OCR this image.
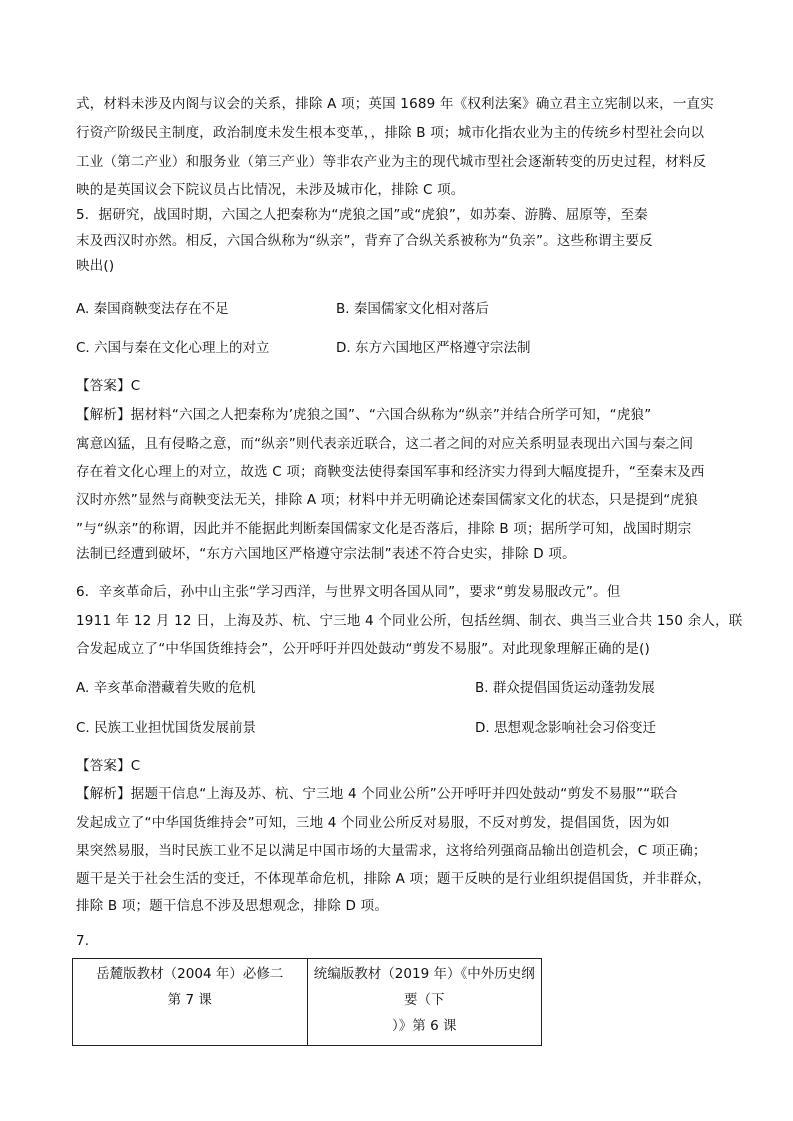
式，材料未涉及内阁与议会的关系，排除 A 项；英国 1689 年《权利法案》确立君主立宪制以来，一直实
行资产阶级民主制度，政治制度未发生根本变革，，排除 B 项；城市化指农业为主的传统乡村型社会向以
工业（第二产业）和服务业（第三产业）等非农产业为主的现代城市型社会逐渐转变的历史过程，材料反
映的是英国议会下院议员占比情况，未涉及城市化，排除 C 项。
5．据研究，战国时期，六国之人把秦称为“虎狼之国”或“虎狼”，如苏秦、游腾、屈原等，至秦
末及西汉时亦然。相反，六国合纵称为“纵亲”，背弃了合纵关系被称为“负亲”。这些称谓主要反
映出()
A. 秦国商鞅变法存在不足	B. 秦国儒家文化相对落后
C. 六国与秦在文化心理上的对立	D. 东方六国地区严格遵守宗法制
【答案】C
【解析】据材料“六国之人把秦称为’虎狼之国”、“六国合纵称为“纵亲”并结合所学可知，“虎狼”
寓意凶猛，且有侵略之意，而“纵亲”则代表亲近联合，这二者之间的对应关系明显表现出六国与秦之间
存在着文化心理上的对立，故选 C 项；商鞅变法使得秦国军事和经济实力得到大幅度提升，“至秦末及西
汉时亦然”显然与商鞅变法无关，排除 A 项；材料中并无明确论述秦国儒家文化的状态，只是提到“虎狼
”与“纵亲”的称谓，因此并不能据此判断秦国儒家文化是否落后，排除 B 项；据所学可知，战国时期宗
法制已经遭到破坏，“东方六国地区严格遵守宗法制”表述不符合史实，排除 D 项。
6．辛亥革命后，孙中山主张“学习西洋，与世界文明各国从同”，要求“剪发易服改元”。但
1911 年 12 月 12 日，上海及苏、杭、宁三地 4 个同业公所，包括丝绸、制衣、典当三业合共 150 余人，联
合发起成立了“中华国货维持会”，公开呼吁并四处鼓动“剪发不易服”。对此现象理解正确的是()
A. 辛亥革命潜藏着失败的危机	B. 群众提倡国货运动蓬勃发展
C. 民族工业担忧国货发展前景	D. 思想观念影响社会习俗变迁
【答案】C
【解析】据题干信息“上海及苏、杭、宁三地 4 个同业公所”公开呼吁并四处鼓动“剪发不易服”“联合
发起成立了“中华国货维持会”可知，三地 4 个同业公所反对易服，不反对剪发，提倡国货，因为如
果突然易服，当时民族工业不足以满足中国市场的大量需求，这将给列强商品输出创造机会，C 项正确；
题干是关于社会生活的变迁，不体现革命危机，排除 A 项；题干反映的是行业组织提倡国货，并非群众，
排除 B 项；题干信息不涉及思想观念，排除 D 项。
7.
岳麓版教材（2004 年）必修二
第 7 课

统编版教材（2019 年）《中外历史纲要（下
）》第 6 课
